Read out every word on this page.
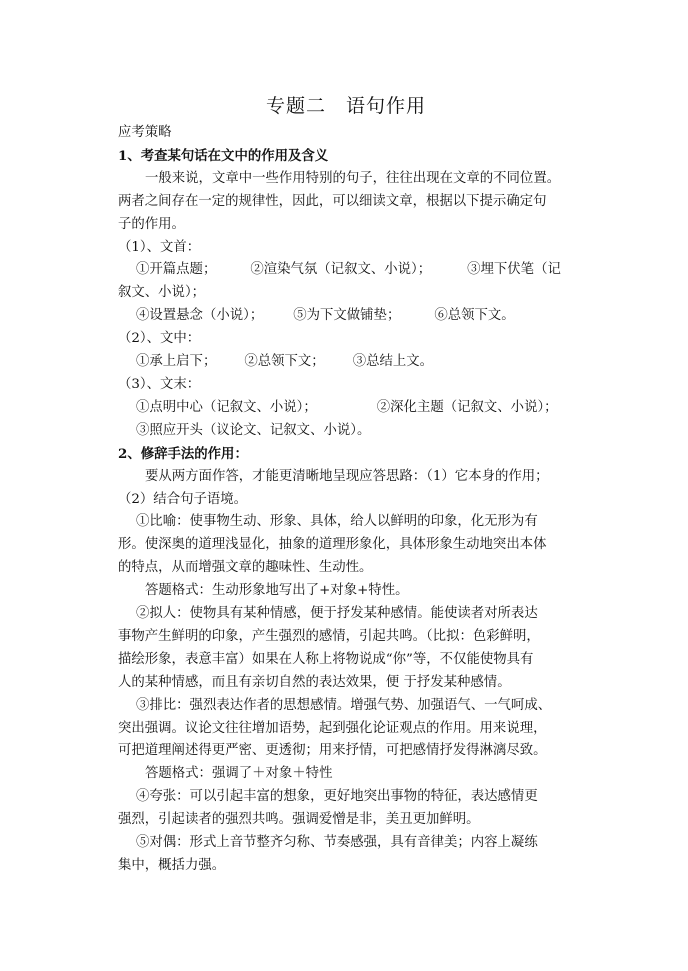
专题二　语句作用
应考策略
1、考查某句话在文中的作用及含义
一般来说，文章中一些作用特别的句子，往往出现在文章的不同位置。
两者之间存在一定的规律性，因此，可以细读文章，根据以下提示确定句
子的作用。
（1）、文首：
①开篇点题；	②渲染气氛（记叙文、小说）；	③埋下伏笔（记
叙文、小说）；
④设置悬念（小说）； ⑤为下文做铺垫；	⑥总领下文。
（2）、文中：
①承上启下； ②总领下文； ③总结上文。
（3）、文末：
①点明中心（记叙文、小说）；	②深化主题（记叙文、小说）；
③照应开头（议论文、记叙文、小说）。
2、修辞手法的作用：
要从两方面作答，才能更清晰地呈现应答思路：（1）它本身的作用；
（2）结合句子语境。
①比喻：使事物生动、形象、具体，给人以鲜明的印象，化无形为有
形。使深奥的道理浅显化，抽象的道理形象化，具体形象生动地突出本体
的特点，从而增强文章的趣味性、生动性。
答题格式：生动形象地写出了+对象+特性。
②拟人：使物具有某种情感，便于抒发某种感情。能使读者对所表达
事物产生鲜明的印象，产生强烈的感情，引起共鸣。（比拟：色彩鲜明，
描绘形象，表意丰富）如果在人称上将物说成“你”等，不仅能使物具有
人的某种情感，而且有亲切自然的表达效果，便 于抒发某种感情。
③排比：强烈表达作者的思想感情。增强气势、加强语气、一气呵成、
突出强调。议论文往往增加语势，起到强化论证观点的作用。用来说理，
可把道理阐述得更严密、更透彻；用来抒情，可把感情抒发得淋漓尽致。
答题格式：强调了＋对象＋特性
④夸张：可以引起丰富的想象，更好地突出事物的特征，表达感情更
强烈，引起读者的强烈共鸣。强调爱憎是非，美丑更加鲜明。
⑤对偶：形式上音节整齐匀称、节奏感强，具有音律美；内容上凝练
集中，概括力强。
